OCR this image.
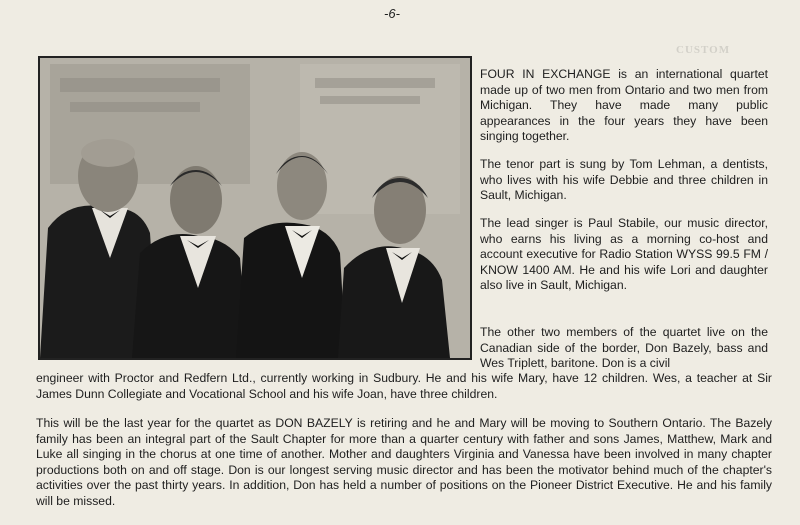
-6-
CUSTOM

FOUR IN EXCHANGE is an international quartet made up of two men from Ontario and two men from Michigan. They have made many public appearances in the four years they have been singing together.
The tenor part is sung by Tom Lehman, a dentists, who lives with his wife Debbie and three children in Sault, Michigan.
The lead singer is Paul Stabile, our music director, who earns his living as a morning co-host and account executive for Radio Station WYSS 99.5 FM / KNOW 1400 AM. He and his wife Lori and daughter also live in Sault, Michigan.
The other two members of the quartet live on the Canadian side of the border, Don Bazely, bass and Wes Triplett, baritone. Don is a civil
engineer with Proctor and Redfern Ltd., currently working in Sudbury. He and his wife Mary, have 12 children. Wes, a teacher at Sir James Dunn Collegiate and Vocational School and his wife Joan, have three children.
This will be the last year for the quartet as DON BAZELY is retiring and he and Mary will be moving to Southern Ontario. The Bazely family has been an integral part of the Sault Chapter for more than a quarter century with father and sons James, Matthew, Mark and Luke all singing in the chorus at one time of another. Mother and daughters Virginia and Vanessa have been involved in many chapter productions both on and off stage. Don is our longest serving music director and has been the motivator behind much of the chapter's activities over the past thirty years. In addition, Don has held a number of positions on the Pioneer District Executive. He and his family will be missed.
